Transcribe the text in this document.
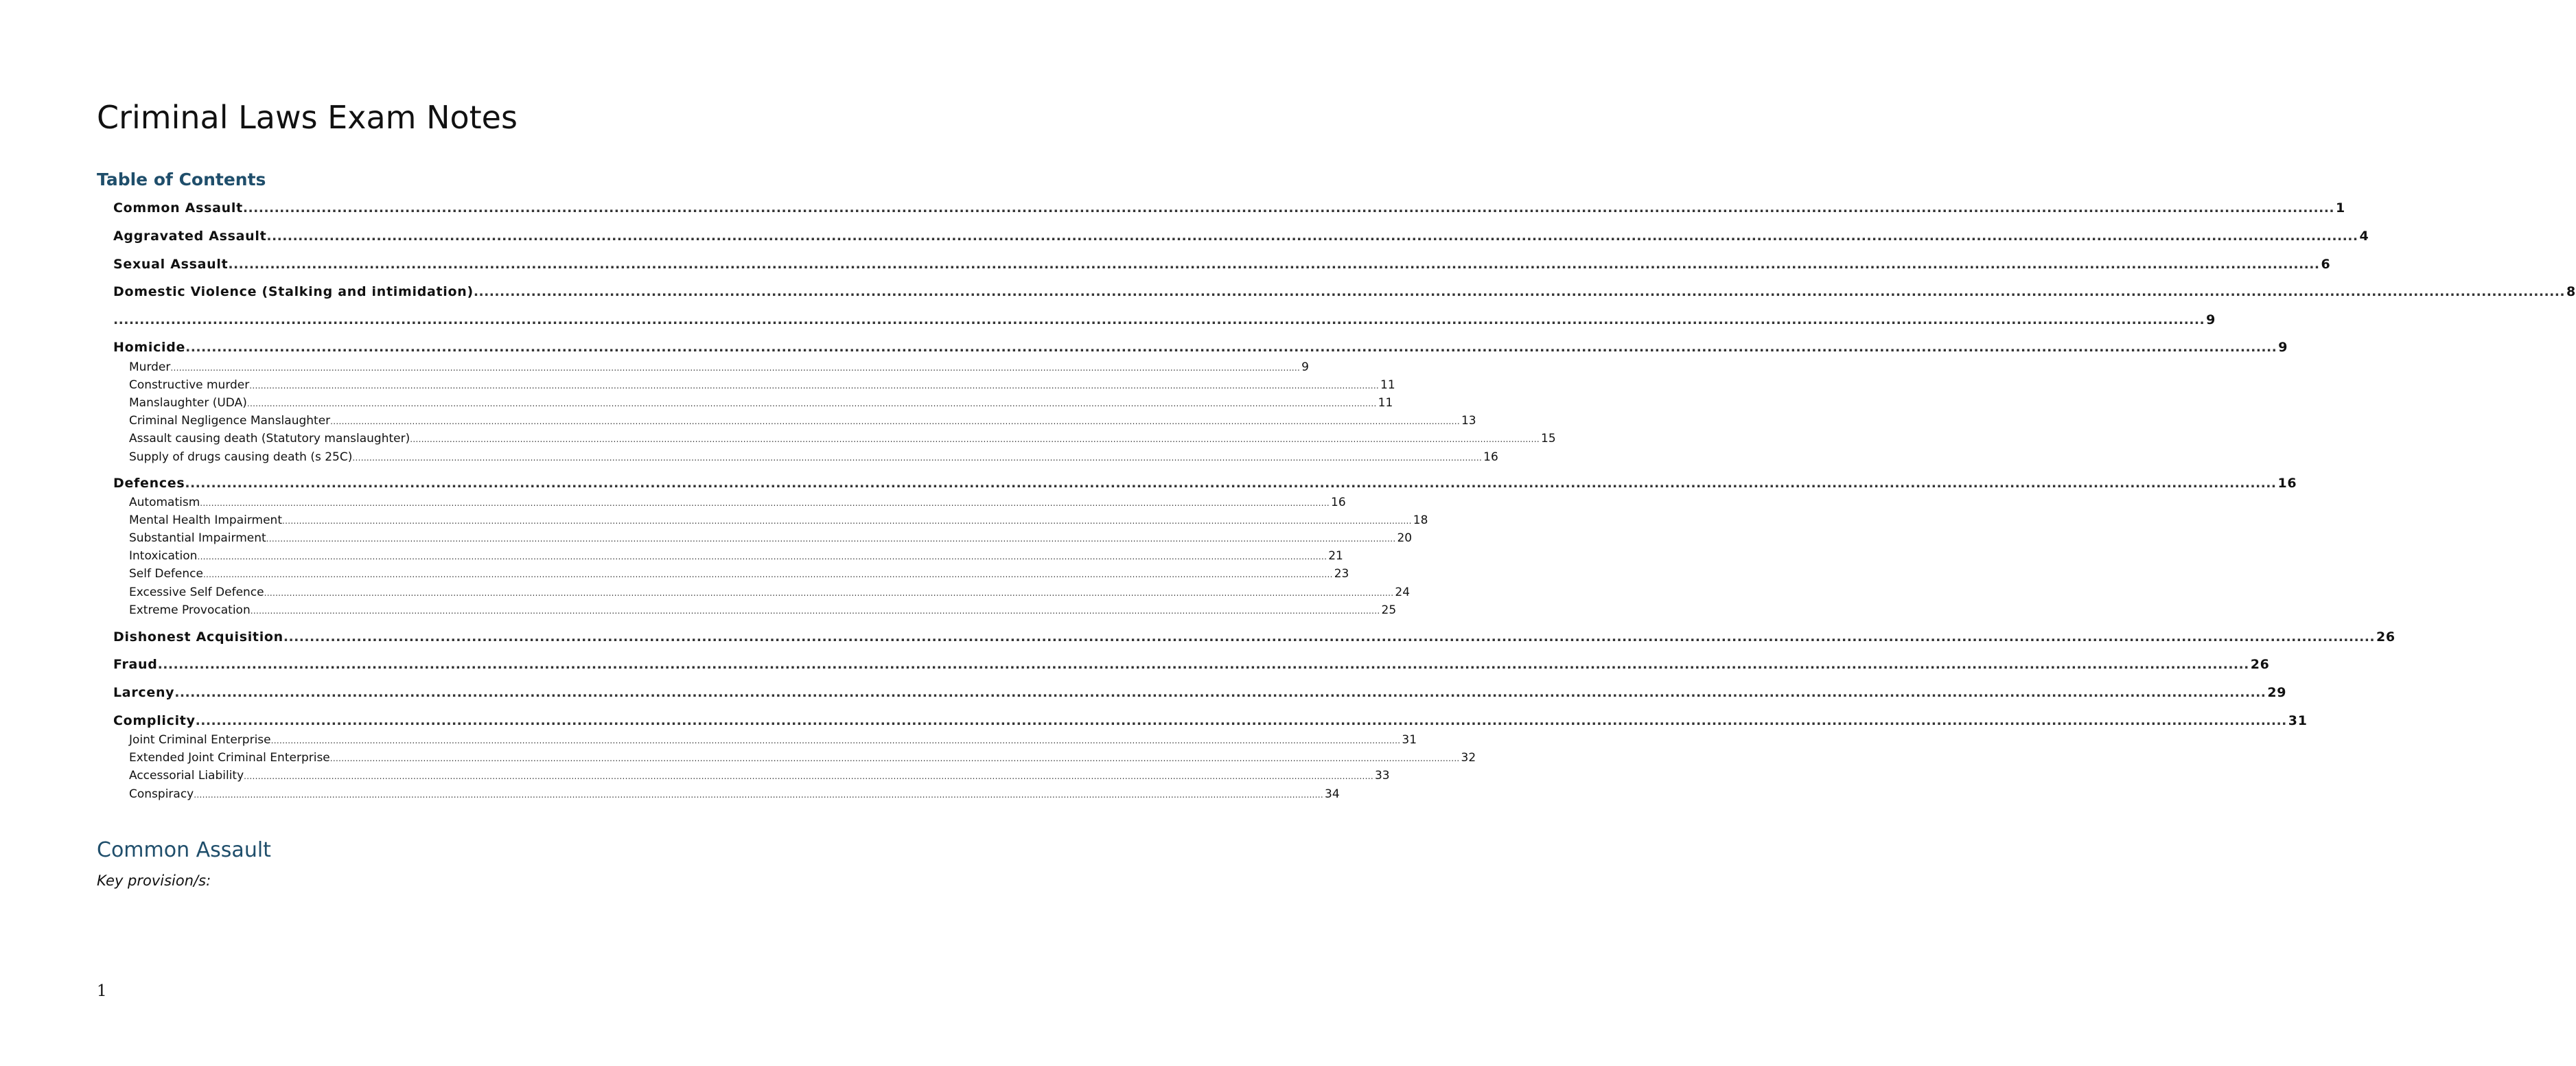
Criminal Laws Exam Notes
Table of Contents
Common Assault ................................................................................................................................................................................................................................................................................................................................................................................................................ 1
Aggravated Assault ................................................................................................................................................................................................................................................................................................................................................................................................................ 4
Sexual Assault ................................................................................................................................................................................................................................................................................................................................................................................................................ 6
Domestic Violence (Stalking and intimidation) ................................................................................................................................................................................................................................................................................................................................................................................................................ 8
................................................................................................................................................................................................................................................................................................................................................................................................................ 9
Homicide ................................................................................................................................................................................................................................................................................................................................................................................................................ 9
Murder ................................................................................................................................................................................................................................................................................................................................................................................................................ 9
Constructive murder ................................................................................................................................................................................................................................................................................................................................................................................................................ 11
Manslaughter (UDA) ................................................................................................................................................................................................................................................................................................................................................................................................................ 11
Criminal Negligence Manslaughter ................................................................................................................................................................................................................................................................................................................................................................................................................ 13
Assault causing death (Statutory manslaughter) ................................................................................................................................................................................................................................................................................................................................................................................................................ 15
Supply of drugs causing death (s 25C) ................................................................................................................................................................................................................................................................................................................................................................................................................ 16
Defences ................................................................................................................................................................................................................................................................................................................................................................................................................ 16
Automatism ................................................................................................................................................................................................................................................................................................................................................................................................................ 16
Mental Health Impairment ................................................................................................................................................................................................................................................................................................................................................................................................................ 18
Substantial Impairment ................................................................................................................................................................................................................................................................................................................................................................................................................ 20
Intoxication ................................................................................................................................................................................................................................................................................................................................................................................................................ 21
Self Defence ................................................................................................................................................................................................................................................................................................................................................................................................................ 23
Excessive Self Defence ................................................................................................................................................................................................................................................................................................................................................................................................................ 24
Extreme Provocation ................................................................................................................................................................................................................................................................................................................................................................................................................ 25
Dishonest Acquisition ................................................................................................................................................................................................................................................................................................................................................................................................................ 26
Fraud ................................................................................................................................................................................................................................................................................................................................................................................................................ 26
Larceny ................................................................................................................................................................................................................................................................................................................................................................................................................ 29
Complicity ................................................................................................................................................................................................................................................................................................................................................................................................................ 31
Joint Criminal Enterprise ................................................................................................................................................................................................................................................................................................................................................................................................................ 31
Extended Joint Criminal Enterprise ................................................................................................................................................................................................................................................................................................................................................................................................................ 32
Accessorial Liability ................................................................................................................................................................................................................................................................................................................................................................................................................ 33
Conspiracy ................................................................................................................................................................................................................................................................................................................................................................................................................ 34
Common Assault

Key provision/s:

1
